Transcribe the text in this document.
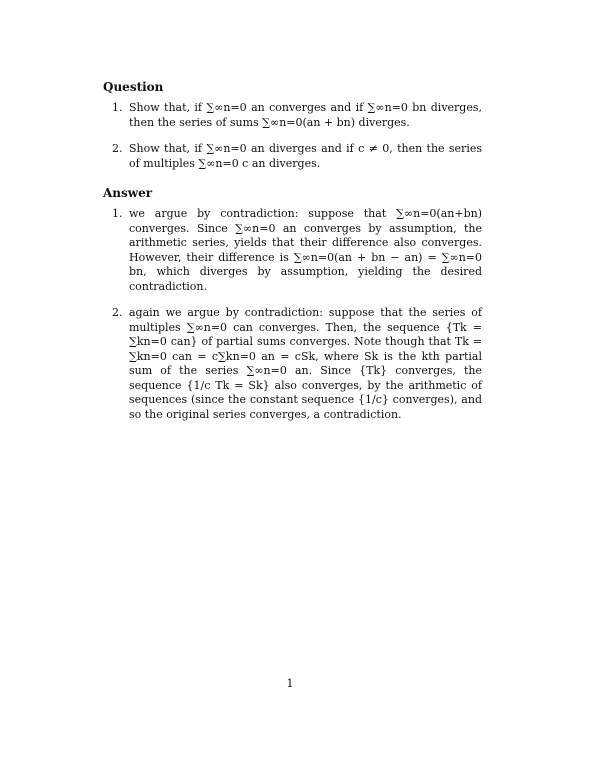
Question
1. Show that, if ∑∞n=0 an converges and if ∑∞n=0 bn diverges, then the series of sums ∑∞n=0(an + bn) diverges.
2. Show that, if ∑∞n=0 an diverges and if c ≠ 0, then the series of multiples ∑∞n=0 c an diverges.
Answer
1. we argue by contradiction: suppose that ∑∞n=0(an+bn) converges. Since ∑∞n=0 an converges by assumption, the arithmetic series, yields that their difference also converges. However, their difference is ∑∞n=0(an + bn − an) = ∑∞n=0 bn, which diverges by assumption, yielding the desired contradiction.
2. again we argue by contradiction: suppose that the series of multiples ∑∞n=0 can converges. Then, the sequence {Tk = ∑kn=0 can} of partial sums converges. Note though that Tk = ∑kn=0 can = c∑kn=0 an = cSk, where Sk is the kth partial sum of the series ∑∞n=0 an. Since {Tk} converges, the sequence {1/c Tk = Sk} also converges, by the arithmetic of sequences (since the constant sequence {1/c} converges), and so the original series converges, a contradiction.
1
